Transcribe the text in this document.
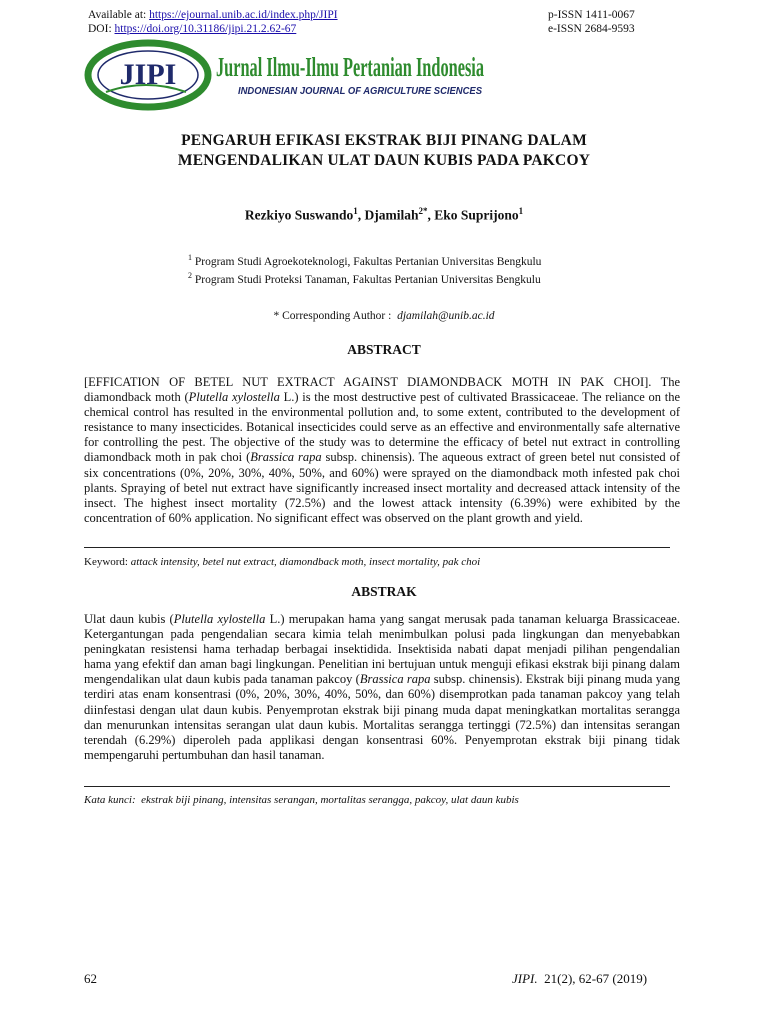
Available at: https://ejournal.unib.ac.id/index.php/JIPI
DOI: https://doi.org/10.31186/jipi.21.2.62-67
p-ISSN 1411-0067
e-ISSN 2684-9593
JIPI Jurnal Ilmu-Ilmu Pertanian Indonesia
INDONESIAN JOURNAL OF AGRICULTURE SCIENCES
PENGARUH EFIKASI EKSTRAK BIJI PINANG DALAM
MENGENDALIKAN ULAT DAUN KUBIS PADA PAKCOY
Rezkiyo Suswando$^1$, Djamilah$^{2*}$, Eko Suprijono$^1$
$^1$ Program Studi Agroekoteknologi, Fakultas Pertanian Universitas Bengkulu
$^2$ Program Studi Proteksi Tanaman, Fakultas Pertanian Universitas Bengkulu
* Corresponding Author : djamilah@unib.ac.id
ABSTRACT
[EFFICATION OF BETEL NUT EXTRACT AGAINST DIAMONDBACK MOTH IN PAK CHOI]. The diamondback moth (Plutella xylostella L.) is the most destructive pest of cultivated Brassicaceae. The reliance on the chemical control has resulted in the environmental pollution and, to some extent, contributed to the development of resistance to many insecticides. Botanical insecticides could serve as an effective and environmentally safe alternative for controlling the pest. The objective of the study was to determine the efficacy of betel nut extract in controlling diamondback moth in pak choi (Brassica rapa subsp. chinensis). The aqueous extract of green betel nut consisted of six concentrations (0%, 20%, 30%, 40%, 50%, and 60%) were sprayed on the diamondback moth infested pak choi plants. Spraying of betel nut extract have significantly increased insect mortality and decreased attack intensity of the insect. The highest insect mortality (72.5%) and the lowest attack intensity (6.39%) were exhibited by the concentration of 60% application. No significant effect was observed on the plant growth and yield.
Keyword: attack intensity, betel nut extract, diamondback moth, insect mortality, pak choi
ABSTRAK
Ulat daun kubis (Plutella xylostella L.) merupakan hama yang sangat merusak pada tanaman keluarga Brassicaceae. Ketergantungan pada pengendalian secara kimia telah menimbulkan polusi pada lingkungan dan menyebabkan peningkatan resistensi hama terhadap berbagai insektidida. Insektisida nabati dapat menjadi pilihan pengendalian hama yang efektif dan aman bagi lingkungan. Penelitian ini bertujuan untuk menguji efikasi ekstrak biji pinang dalam mengendalikan ulat daun kubis pada tanaman pakcoy (Brassica rapa subsp. chinensis). Ekstrak biji pinang muda yang terdiri atas enam konsentrasi (0%, 20%, 30%, 40%, 50%, dan 60%) disemprotkan pada tanaman pakcoy yang telah diinfestasi dengan ulat daun kubis. Penyemprotan ekstrak biji pinang muda dapat meningkatkan mortalitas serangga dan menurunkan intensitas serangan ulat daun kubis. Mortalitas serangga tertinggi (72.5%) dan intensitas serangan terendah (6.29%) diperoleh pada applikasi dengan konsentrasi 60%. Penyemprotan ekstrak biji pinang tidak mempengaruhi pertumbuhan dan hasil tanaman.
Kata kunci: ekstrak biji pinang, intensitas serangan, mortalitas serangga, pakcoy, ulat daun kubis
62	JIPI. 21(2), 62-67 (2019)
